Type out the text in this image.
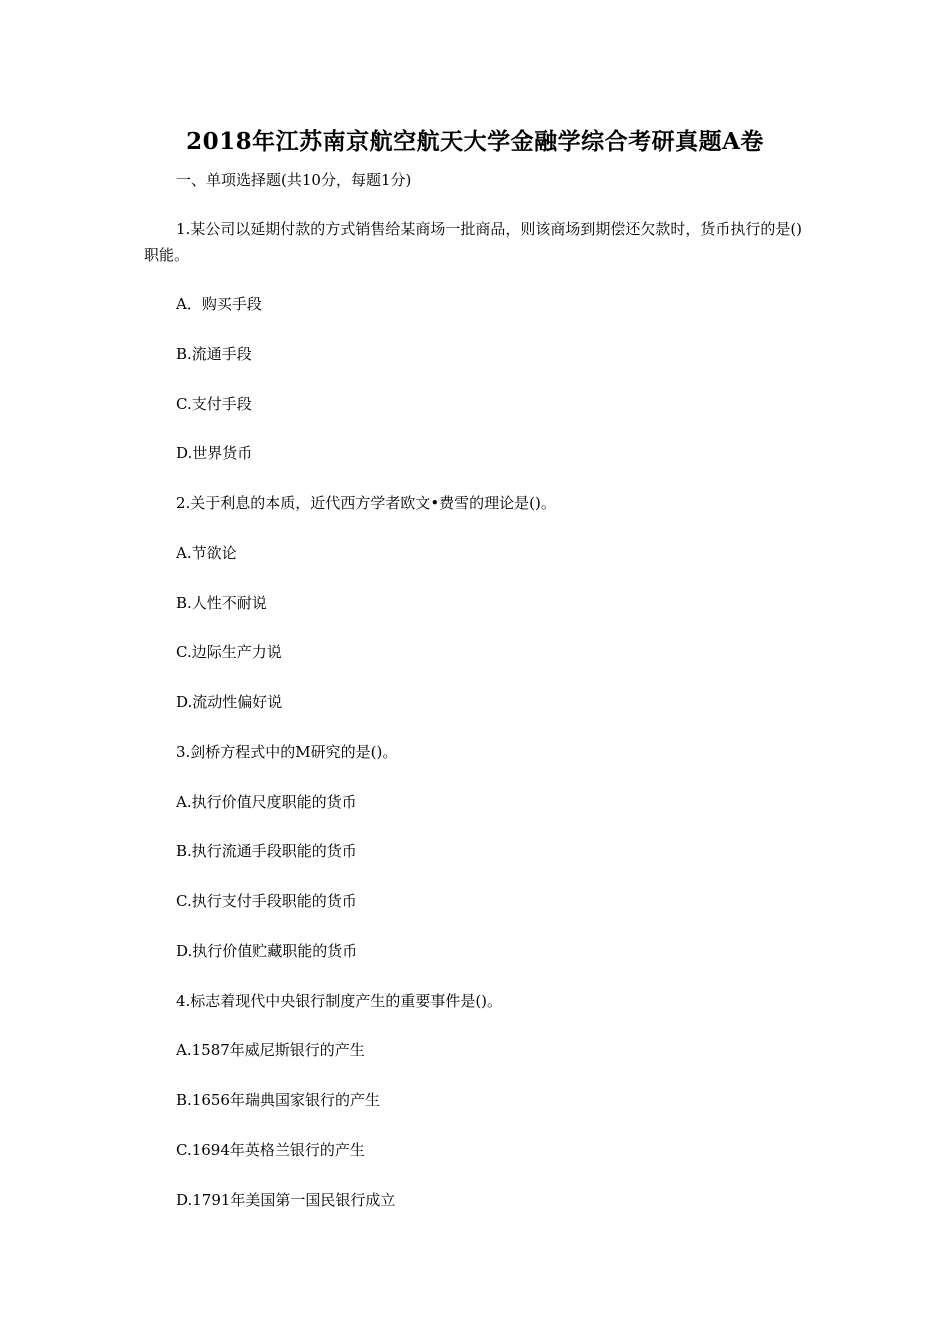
2018年江苏南京航空航天大学金融学综合考研真题A卷
一、单项选择题(共10分，每题1分)
1.某公司以延期付款的方式销售给某商场一批商品，则该商场到期偿还欠款时，货币执行的是()职能。
A．购买手段
B.流通手段
C.支付手段
D.世界货币
2.关于利息的本质，近代西方学者欧文•费雪的理论是()。
A.节欲论
B.人性不耐说
C.边际生产力说
D.流动性偏好说
3.剑桥方程式中的M研究的是()。
A.执行价值尺度职能的货币
B.执行流通手段职能的货币
C.执行支付手段职能的货币
D.执行价值贮藏职能的货币
4.标志着现代中央银行制度产生的重要事件是()。
A.1587年威尼斯银行的产生
B.1656年瑞典国家银行的产生
C.1694年英格兰银行的产生
D.1791年美国第一国民银行成立
